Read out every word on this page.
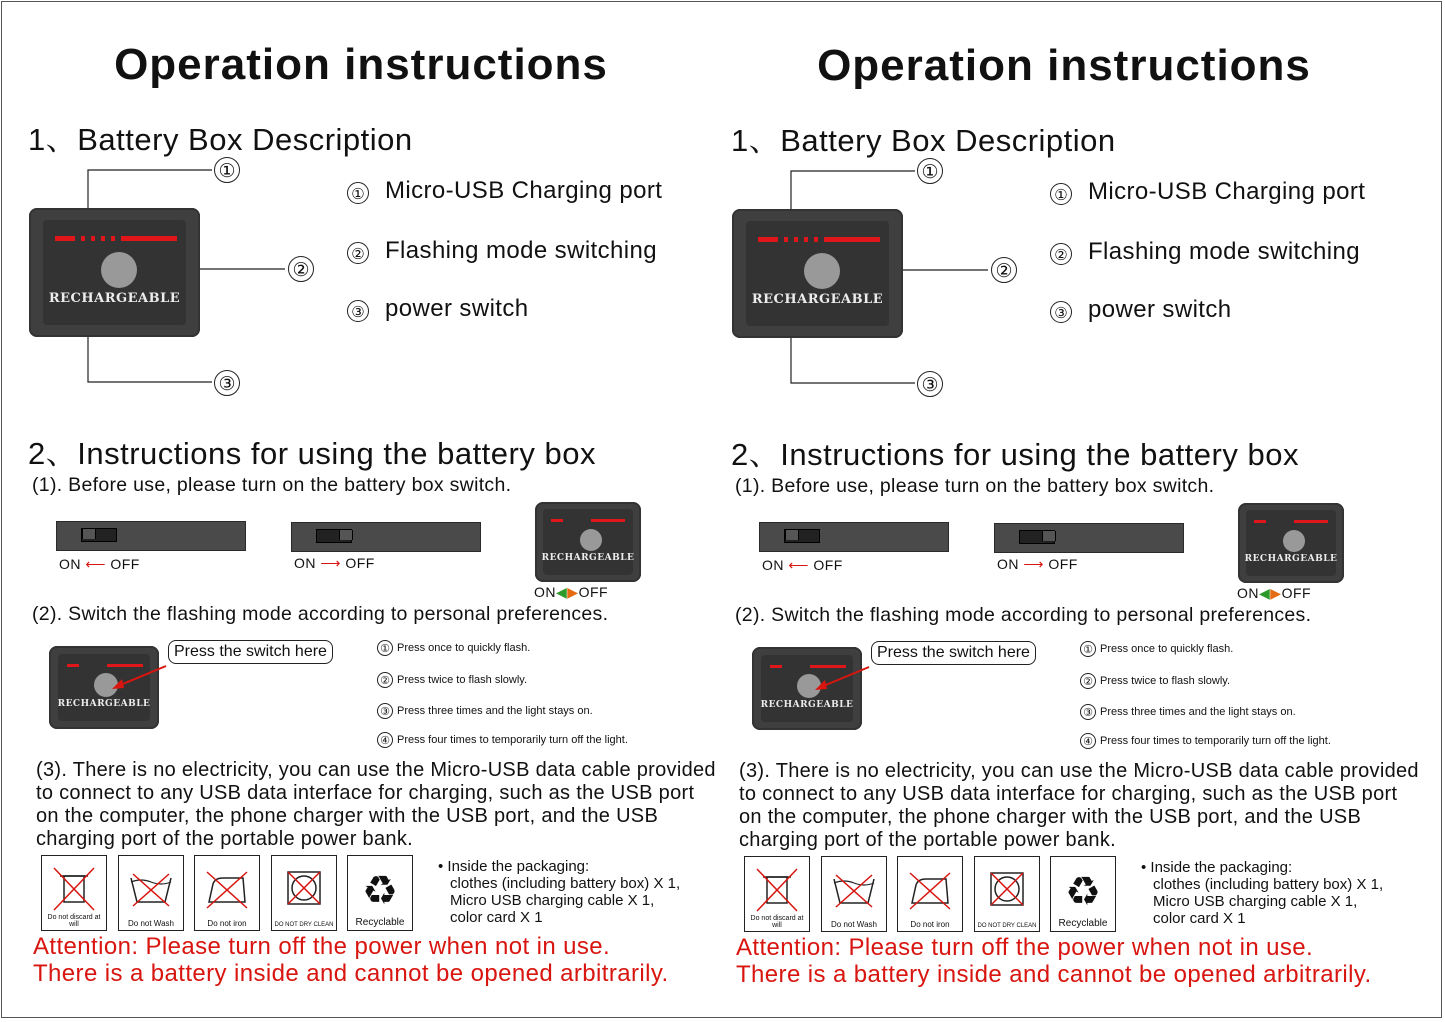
Operation instructions
1、Battery Box Description
RECHARGEABLE
①
②
③
① Micro-USB Charging port
② Flashing mode switching
③ power switch
2、Instructions for using the battery box
(1). Before use, please turn on the battery box switch.
ON ⟵ OFF	ON ⟶ OFF	RECHARGEABLE
ON◀▶OFF
(2). Switch the flashing mode according to personal preferences.
RECHARGEABLE
Press the switch here	① Press once to quickly flash.
② Press twice to flash slowly.
③ Press three times and the light stays on.
④ Press four times to temporarily turn off the light.
(3). There is no electricity, you can use the Micro-USB data cable provided to connect to any USB data interface for charging, such as the USB port on the computer, the phone charger with the USB port, and the USB charging port of the portable power bank.
Do not discard at will	Do not Wash	Do not iron	DO NOT DRY CLEAN
♻
Recyclable
• Inside the packaging:
clothes (including battery box) X 1,
Micro USB charging cable X 1,
color card X 1
Attention: Please turn off the power when not in use.
There is a battery inside and cannot be opened arbitrarily.
Operation instructions
1、Battery Box Description
RECHARGEABLE
①
②
③
① Micro-USB Charging port
② Flashing mode switching
③ power switch
2、Instructions for using the battery box
(1). Before use, please turn on the battery box switch.
ON ⟵ OFF	ON ⟶ OFF	RECHARGEABLE
ON◀▶OFF
(2). Switch the flashing mode according to personal preferences.
RECHARGEABLE
Press the switch here	① Press once to quickly flash.
② Press twice to flash slowly.
③ Press three times and the light stays on.
④ Press four times to temporarily turn off the light.
(3). There is no electricity, you can use the Micro-USB data cable provided to connect to any USB data interface for charging, such as the USB port on the computer, the phone charger with the USB port, and the USB charging port of the portable power bank.
Do not discard at will	Do not Wash	Do not iron	DO NOT DRY CLEAN
♻
Recyclable
• Inside the packaging:
clothes (including battery box) X 1,
Micro USB charging cable X 1,
color card X 1
Attention: Please turn off the power when not in use.
There is a battery inside and cannot be opened arbitrarily.
